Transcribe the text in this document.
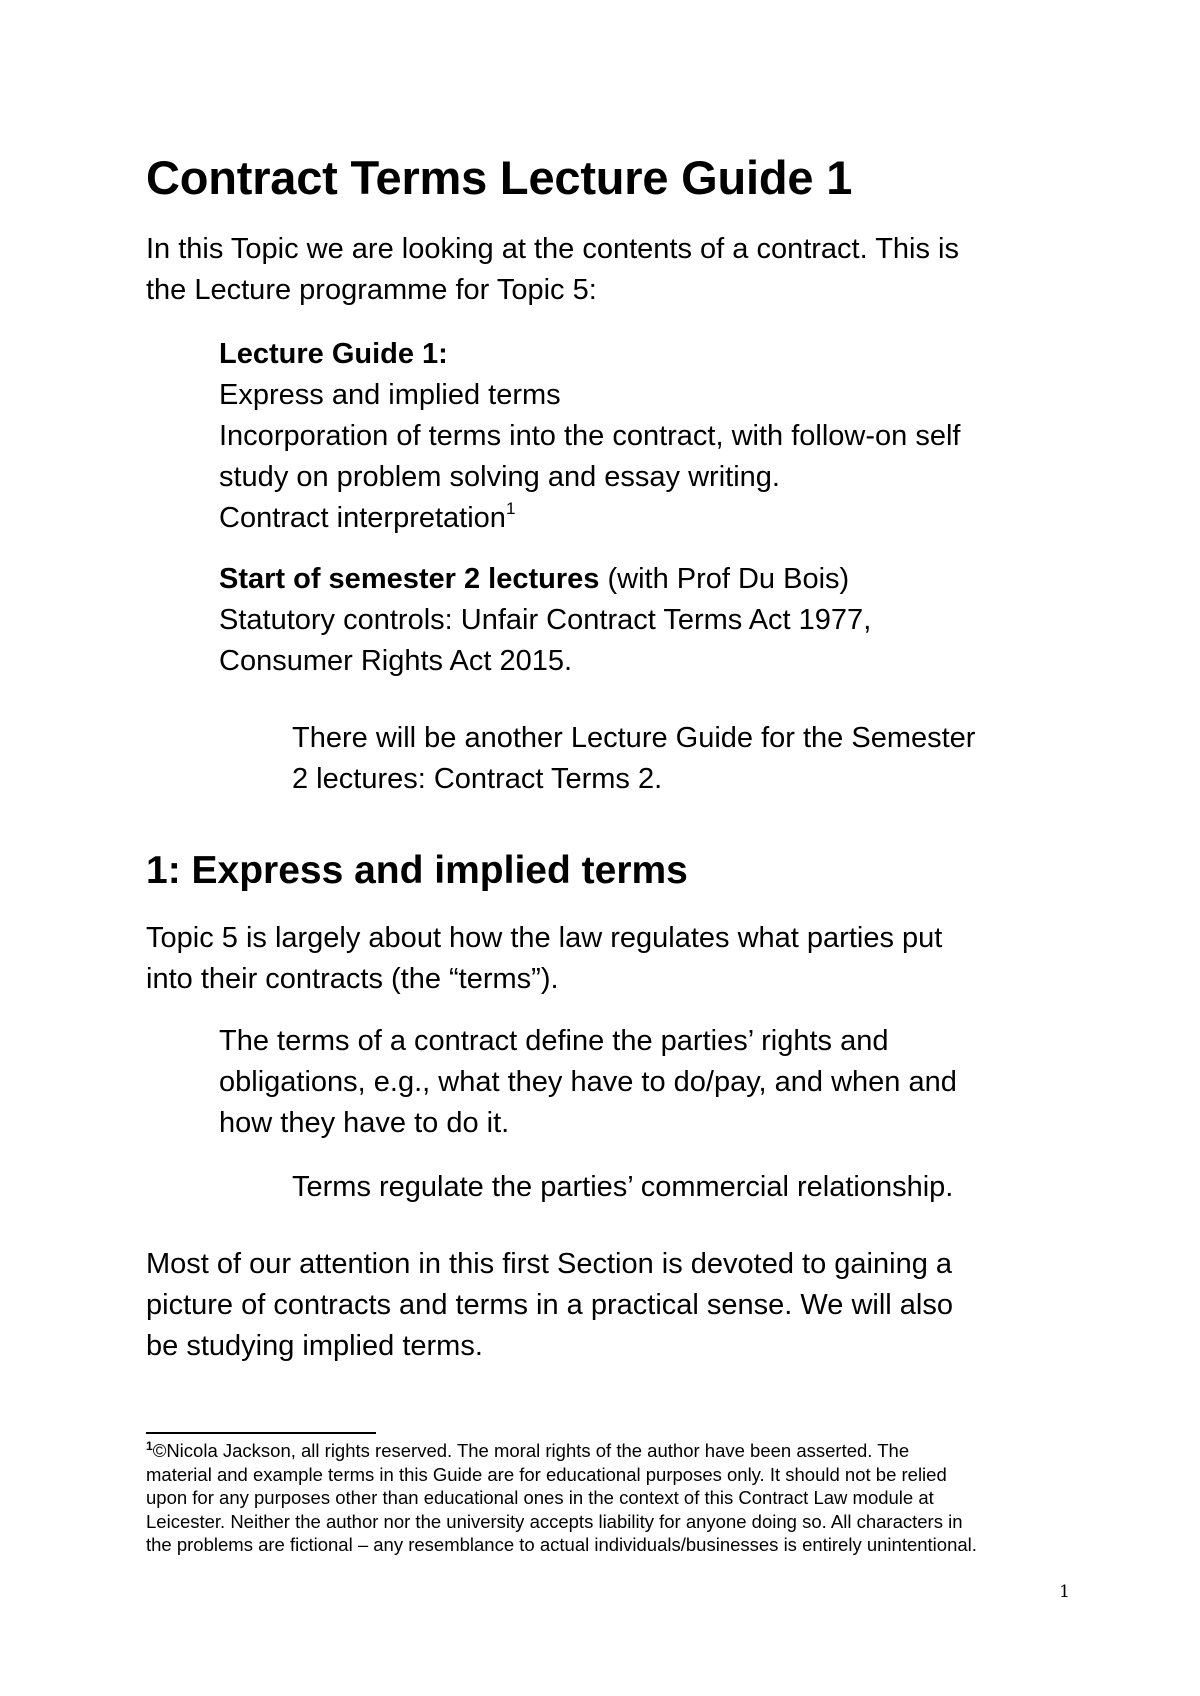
Contract Terms Lecture Guide 1
In this Topic we are looking at the contents of a contract. This is
the Lecture programme for Topic 5:
Lecture Guide 1:
Express and implied terms
Incorporation of terms into the contract, with follow-on self
study on problem solving and essay writing.
Contract interpretation$^1$
Start of semester 2 lectures (with Prof Du Bois)
Statutory controls: Unfair Contract Terms Act 1977,
Consumer Rights Act 2015.
There will be another Lecture Guide for the Semester
2 lectures: Contract Terms 2.
1: Express and implied terms
Topic 5 is largely about how the law regulates what parties put
into their contracts (the “terms”).
The terms of a contract define the parties’ rights and
obligations, e.g., what they have to do/pay, and when and
how they have to do it.
Terms regulate the parties’ commercial relationship.
Most of our attention in this first Section is devoted to gaining a
picture of contracts and terms in a practical sense. We will also
be studying implied terms.
$^1$©Nicola Jackson, all rights reserved. The moral rights of the author have been asserted. The
material and example terms in this Guide are for educational purposes only. It should not be relied
upon for any purposes other than educational ones in the context of this Contract Law module at
Leicester. Neither the author nor the university accepts liability for anyone doing so. All characters in
the problems are fictional – any resemblance to actual individuals/businesses is entirely unintentional.
1
